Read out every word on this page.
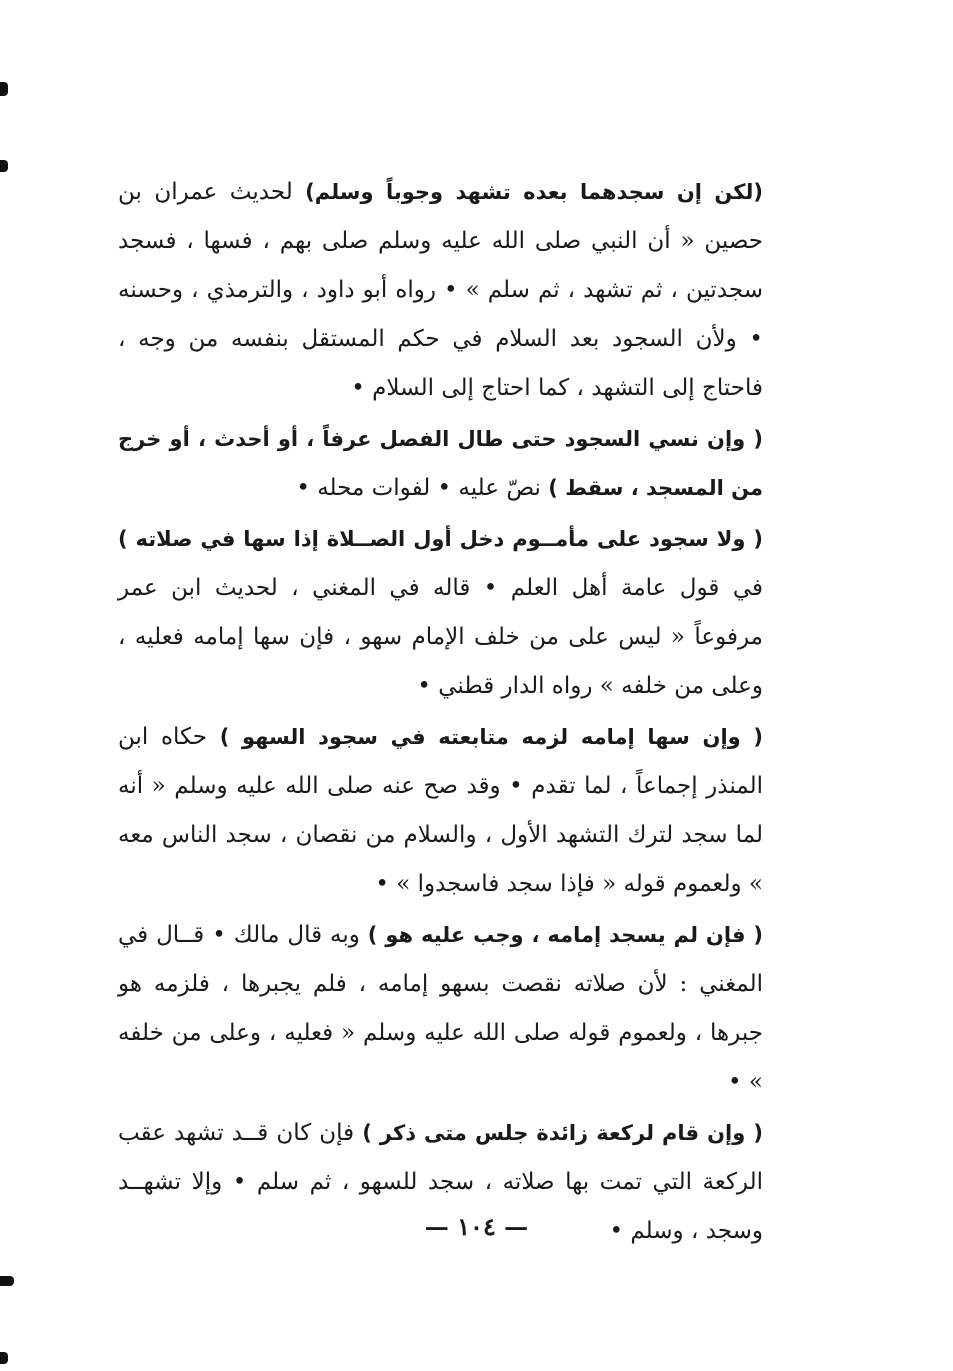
(لكن إن سجدهما بعده تشهد وجوباً وسلم) لحديث عمران بن حصين « أن النبي صلى الله عليه وسلم صلى بهم ، فسها ، فسجد سجدتين ، ثم تشهد ، ثم سلم » • رواه أبو داود ، والترمذي ، وحسنه • ولأن السجود بعد السلام في حكم المستقل بنفسه من وجه ، فاحتاج إلى التشهد ، كما احتاج إلى السلام •

( وإن نسي السجود حتى طال الفصل عرفاً ، أو أحدث ، أو خرج من المسجد ، سقط ) نصّ عليه • لفوات محله •

( ولا سجود على مأمــوم دخل أول الصــلاة إذا سها في صلاته ) في قول عامة أهل العلم • قاله في المغني ، لحديث ابن عمر مرفوعاً « ليس على من خلف الإمام سهو ، فإن سها إمامه فعليه ، وعلى من خلفه » رواه الدار قطني •

( وإن سها إمامه لزمه متابعته في سجود السهو ) حكاه ابن المنذر إجماعاً ، لما تقدم • وقد صح عنه صلى الله عليه وسلم « أنه لما سجد لترك التشهد الأول ، والسلام من نقصان ، سجد الناس معه » ولعموم قوله « فإذا سجد فاسجدوا » •

( فإن لم يسجد إمامه ، وجب عليه هو ) وبه قال مالك • قــال في المغني : لأن صلاته نقصت بسهو إمامه ، فلم يجبرها ، فلزمه هو جبرها ، ولعموم قوله صلى الله عليه وسلم « فعليه ، وعلى من خلفه » •

( وإن قام لركعة زائدة جلس متى ذكر ) فإن كان قــد تشهد عقب الركعة التي تمت بها صلاته ، سجد للسهو ، ثم سلم • وإلا تشهــد وسجد ، وسلم •

— ١٠٤ —
